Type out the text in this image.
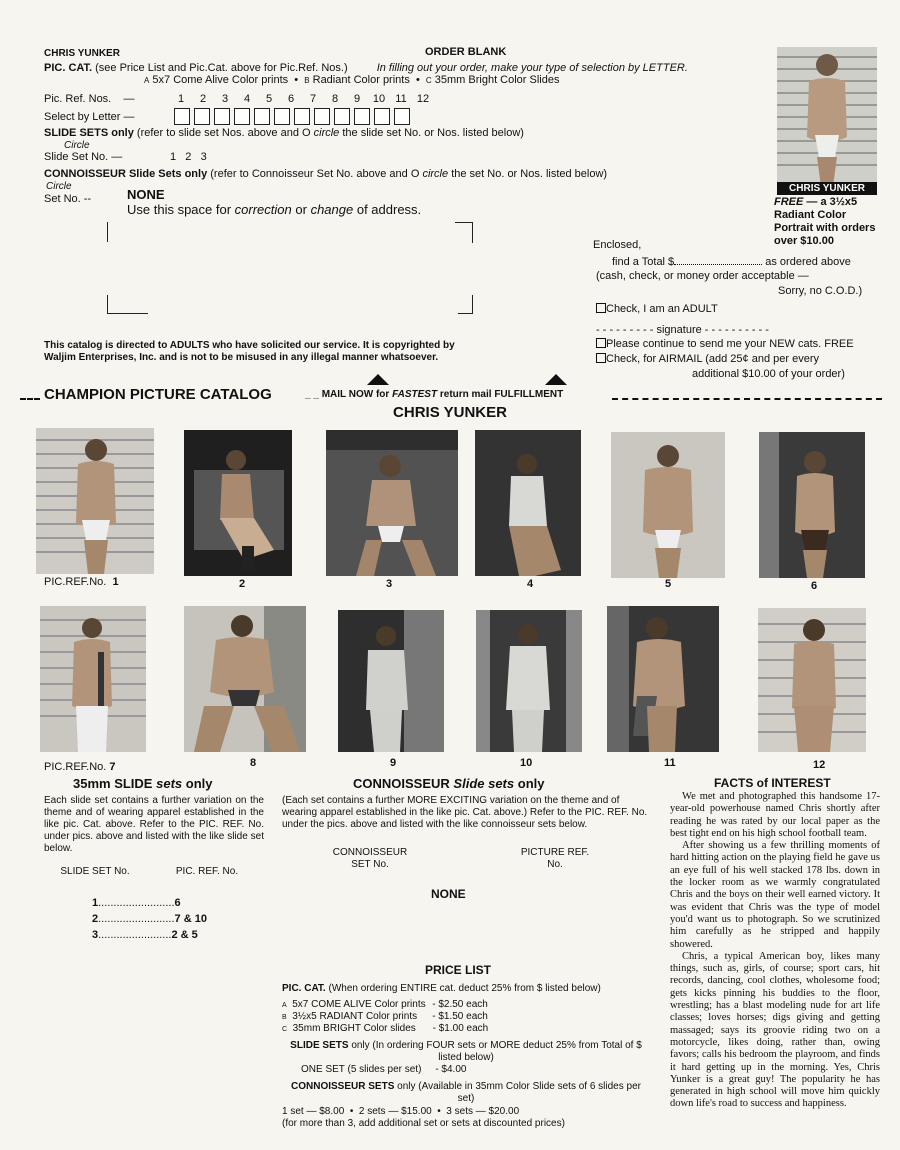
CHRIS YUNKER	ORDER BLANK
PIC. CAT. (see Price List and Pic.Cat. above for Pic.Ref. Nos.)	In filling out your order, make your type of selection by LETTER.
A 5x7 Come Alive Color prints  •  B Radiant Color prints  •  C 35mm Bright Color Slides
Pic. Ref. Nos.    —	1 2 3 4 5 6 7 8 9 10 11 12
Select by Letter —
SLIDE SETS only (refer to slide set Nos. above and O circle the slide set No. or Nos. listed below)
Circle
Slide Set No. —	1   2   3
CONNOISSEUR Slide Sets only (refer to Connoisseur Set No. above and O circle the set No. or Nos. listed below)
Circle
Set No. --	NONE
Use this space for correction or change of address.
CHRIS YUNKER
FREE — a 3½x5 Radiant Color Portrait with orders over $10.00
Enclosed,
find a Total $	as ordered above
(cash, check, or money order acceptable —
Sorry, no C.O.D.)
Check, I am an ADULT
- - - - - - - - - signature - - - - - - - - - -
Please continue to send me your NEW cats. FREE
Check, for AIRMAIL (add 25¢ and per every
additional $10.00 of your order)
This catalog is directed to ADULTS who have solicited our service. It is copyrighted by Waljim Enterprises, Inc. and is not to be misused in any illegal manner whatsoever.
CHAMPION PICTURE CATALOG	_ _ MAIL NOW for FASTEST return mail FULFILLMENT
CHRIS YUNKER
PIC.REF.No. 1	2	3	4	5	6
PIC.REF.No. 7	8	9	10	11	12
35mm SLIDE sets only
Each slide set contains a further variation on the theme and of wearing apparel established in the like pic. Cat. above. Refer to the PIC. REF. No. under pics. above and listed with the like slide set below.
SLIDE SET No.	PIC. REF. No.
1.........................6
2.........................7 & 10
3........................2 & 5
CONNOISSEUR Slide sets only
(Each set contains a further MORE EXCITING variation on the theme and of wearing apparel established in the like pic. Cat. above.) Refer to the PIC. REF. No. under the pics. above and listed with the like connoisseur sets below.
CONNOISSEUR SET No.
PICTURE REF. No.
NONE
PRICE LIST
PIC. CAT. (When ordering ENTIRE cat. deduct 25% from $ listed below)
A 5x7 COME ALIVE Color prints - $2.50 each
B 3½x5 RADIANT Color prints - $1.50 each
C 35mm BRIGHT Color slides - $1.00 each
SLIDE SETS only (In ordering FOUR sets or MORE deduct 25% from Total of $ listed below)
ONE SET (5 slides per set) - $4.00
CONNOISSEUR SETS only (Available in 35mm Color Slide sets of 6 slides per set)
1 set — $8.00  •  2 sets — $15.00  •  3 sets — $20.00
(for more than 3, add additional set or sets at discounted prices)
FACTS of INTEREST
We met and photographed this handsome 17-year-old powerhouse named Chris shortly after reading he was rated by our local paper as the best tight end on his high school football team.
After showing us a few thrilling moments of hard hitting action on the playing field he gave us an eye full of his well stacked 178 lbs. down in the locker room as we warmly congratulated Chris and the boys on their well earned victory. It was evident that Chris was the type of model you'd want us to photograph. So we scrutinized him carefully as he stripped and happily showered.
Chris, a typical American boy, likes many things, such as, girls, of course; sport cars, hit records, dancing, cool clothes, wholesome food; gets kicks pinning his buddies to the floor, wrestling; has a blast modeling nude for art life classes; loves horses; digs giving and getting massaged; says its groovie riding two on a motorcycle, likes doing, rather than, owing favors; calls his bedroom the playroom, and finds it hard getting up in the morning. Yes, Chris Yunker is a great guy! The popularity he has generated in high school will move him quickly down life's road to success and happiness.
